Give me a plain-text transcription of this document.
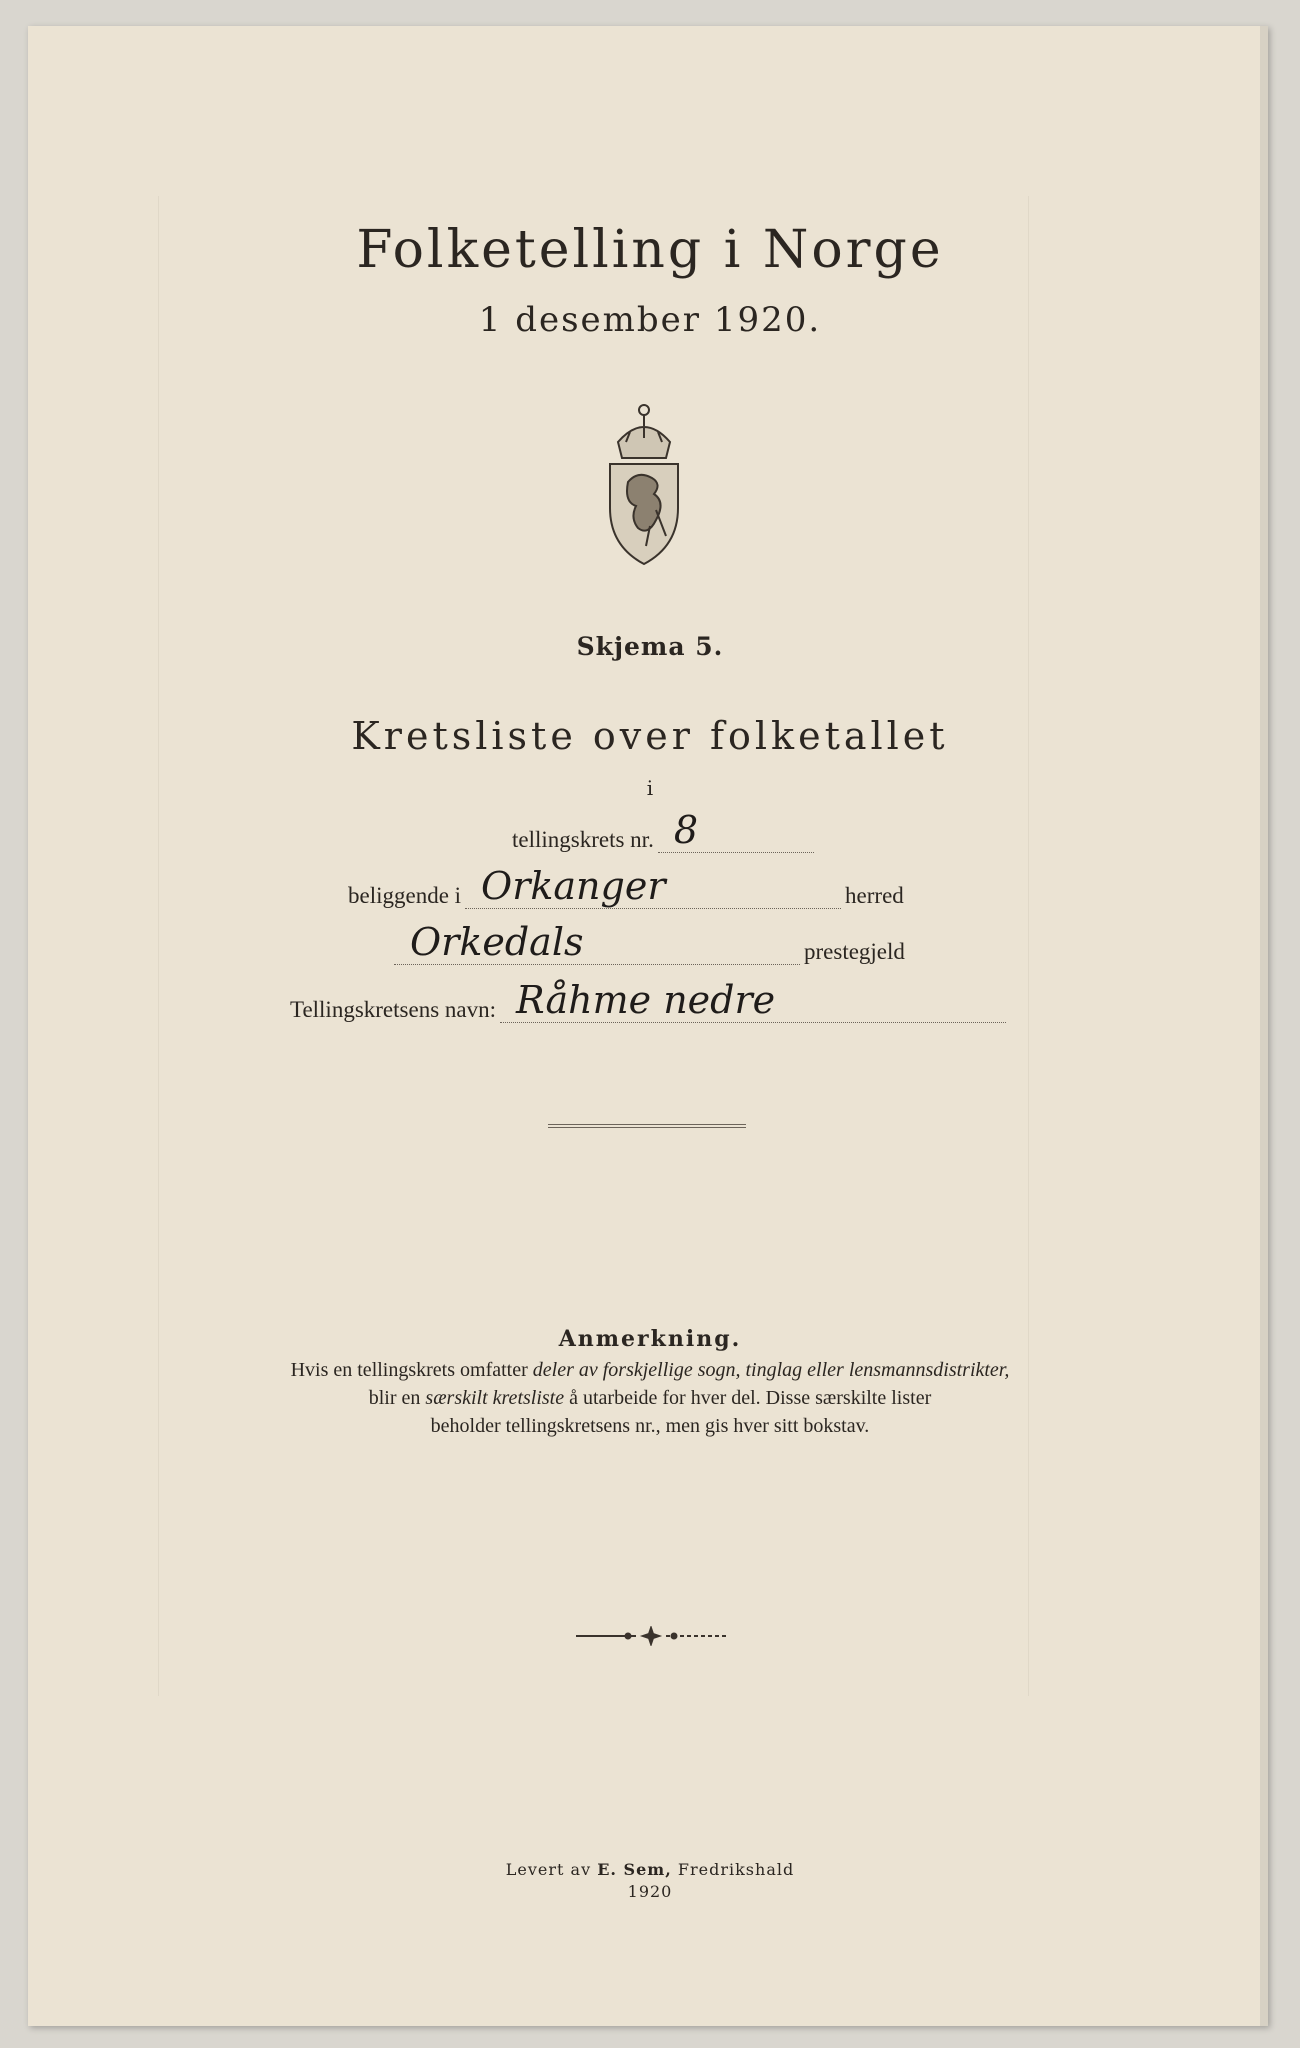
Folketelling i Norge
1 desember 1920.
Skjema 5.
Kretsliste over folketallet
i
tellingskrets nr. 8
beliggende i Orkanger	herred
Orkedals	prestegjeld
Tellingskretsens navn: Råhme nedre
Anmerkning.
Hvis en tellingskrets omfatter deler av forskjellige sogn, tinglag eller lensmannsdistrikter,
blir en særskilt kretsliste å utarbeide for hver del. Disse særskilte lister
beholder tellingskretsens nr., men gis hver sitt bokstav.
Levert av E. Sem, Fredrikshald
1920
